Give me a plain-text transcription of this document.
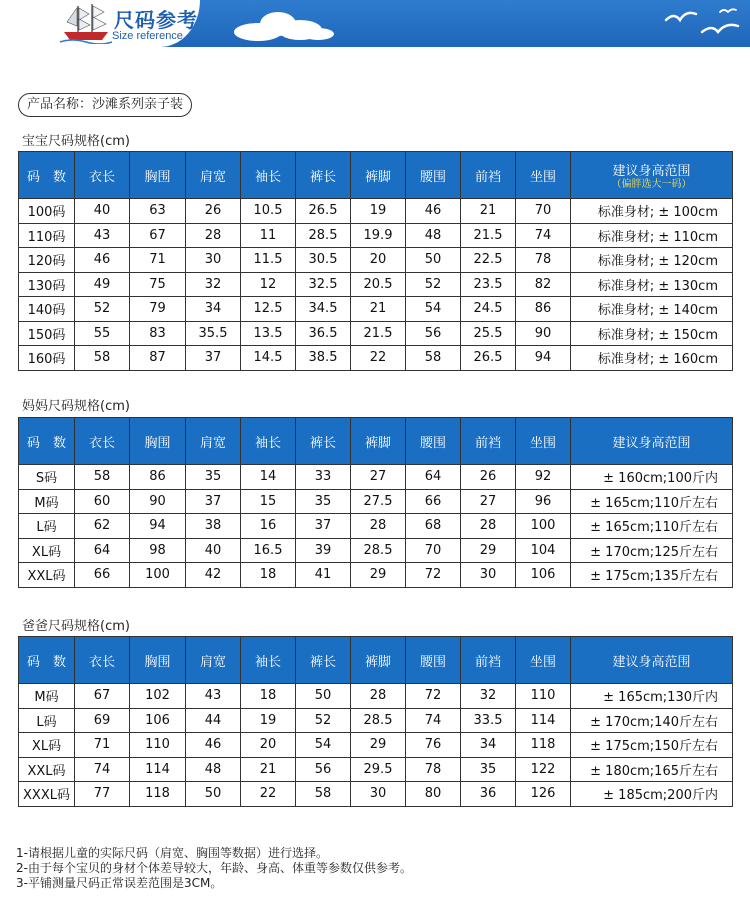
尺码参考
Size reference
产品名称：沙滩系列亲子装
宝宝尺码规格(cm)
码　数	衣长	胸围	肩宽	袖长	裤长	裤脚	腰围	前裆	坐围	建议身高范围
（偏胖选大一码）

100码	40	63	26	10.5	26.5	19	46	21	70	标准身材; ± 100cm
110码	43	67	28	11	28.5	19.9	48	21.5	74	标准身材; ± 110cm
120码	46	71	30	11.5	30.5	20	50	22.5	78	标准身材; ± 120cm
130码	49	75	32	12	32.5	20.5	52	23.5	82	标准身材; ± 130cm
140码	52	79	34	12.5	34.5	21	54	24.5	86	标准身材; ± 140cm
150码	55	83	35.5	13.5	36.5	21.5	56	25.5	90	标准身材; ± 150cm
160码	58	87	37	14.5	38.5	22	58	26.5	94	标准身材; ± 160cm
妈妈尺码规格(cm)
码　数	衣长	胸围	肩宽	袖长	裤长	裤脚	腰围	前裆	坐围	建议身高范围
S码	58	86	35	14	33	27	64	26	92	± 160cm;100斤内
M码	60	90	37	15	35	27.5	66	27	96	± 165cm;110斤左右
L码	62	94	38	16	37	28	68	28	100	± 165cm;110斤左右
XL码	64	98	40	16.5	39	28.5	70	29	104	± 170cm;125斤左右
XXL码	66	100	42	18	41	29	72	30	106	± 175cm;135斤左右
爸爸尺码规格(cm)
码　数	衣长	胸围	肩宽	袖长	裤长	裤脚	腰围	前裆	坐围	建议身高范围
M码	67	102	43	18	50	28	72	32	110	± 165cm;130斤内
L码	69	106	44	19	52	28.5	74	33.5	114	± 170cm;140斤左右
XL码	71	110	46	20	54	29	76	34	118	± 175cm;150斤左右
XXL码	74	114	48	21	56	29.5	78	35	122	± 180cm;165斤左右
XXXL码	77	118	50	22	58	30	80	36	126	± 185cm;200斤内
1-请根据儿童的实际尺码（肩宽、胸围等数据）进行选择。
2-由于每个宝贝的身材个体差导较大，年龄、身高、体重等参数仅供参考。
3-平铺测量尺码正常误差范围是3CM。
